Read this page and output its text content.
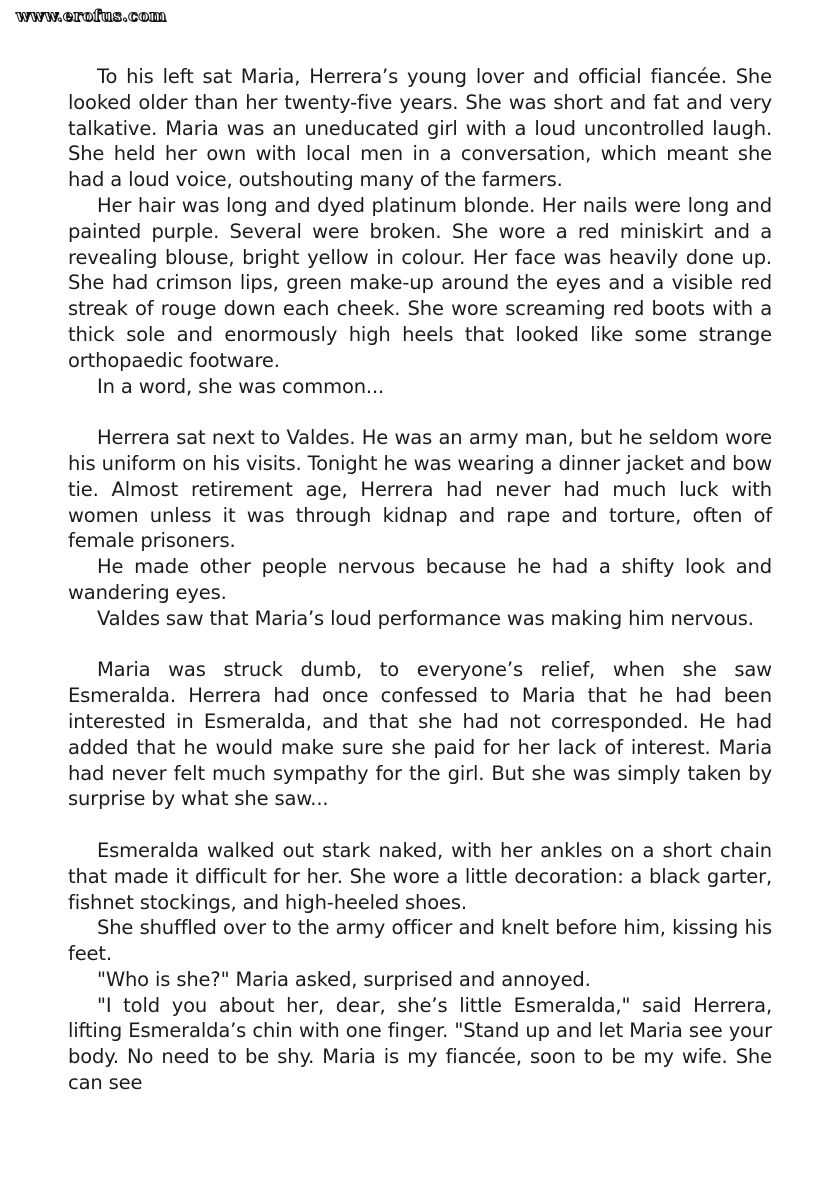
www.erofus.com

To his left sat Maria, Herrera’s young lover and official fiancée. She looked older than her twenty-five years. She was short and fat and very talkative. Maria was an uneducated girl with a loud uncontrolled laugh. She held her own with local men in a conversation, which meant she had a loud voice, outshouting many of the farmers.

Her hair was long and dyed platinum blonde. Her nails were long and painted purple. Several were broken. She wore a red miniskirt and a revealing blouse, bright yellow in colour. Her face was heavily done up. She had crimson lips, green make-up around the eyes and a visible red streak of rouge down each cheek. She wore screaming red boots with a thick sole and enormously high heels that looked like some strange orthopaedic footware.

In a word, she was common...

Herrera sat next to Valdes. He was an army man, but he seldom wore his uniform on his visits. Tonight he was wearing a dinner jacket and bow tie. Almost retirement age, Herrera had never had much luck with women unless it was through kidnap and rape and torture, often of female prisoners.

He made other people nervous because he had a shifty look and wandering eyes.

Valdes saw that Maria’s loud performance was making him nervous.

Maria was struck dumb, to everyone’s relief, when she saw Esmeralda. Herrera had once confessed to Maria that he had been interested in Esmeralda, and that she had not corresponded. He had added that he would make sure she paid for her lack of interest. Maria had never felt much sympathy for the girl. But she was simply taken by surprise by what she saw...

Esmeralda walked out stark naked, with her ankles on a short chain that made it difficult for her. She wore a little decoration: a black garter, fishnet stockings, and high-heeled shoes.

She shuffled over to the army officer and knelt before him, kissing his feet.

"Who is she?" Maria asked, surprised and annoyed.

"I told you about her, dear, she’s little Esmeralda," said Herrera, lifting Esmeralda’s chin with one finger. "Stand up and let Maria see your body. No need to be shy. Maria is my fiancée, soon to be my wife. She can see
